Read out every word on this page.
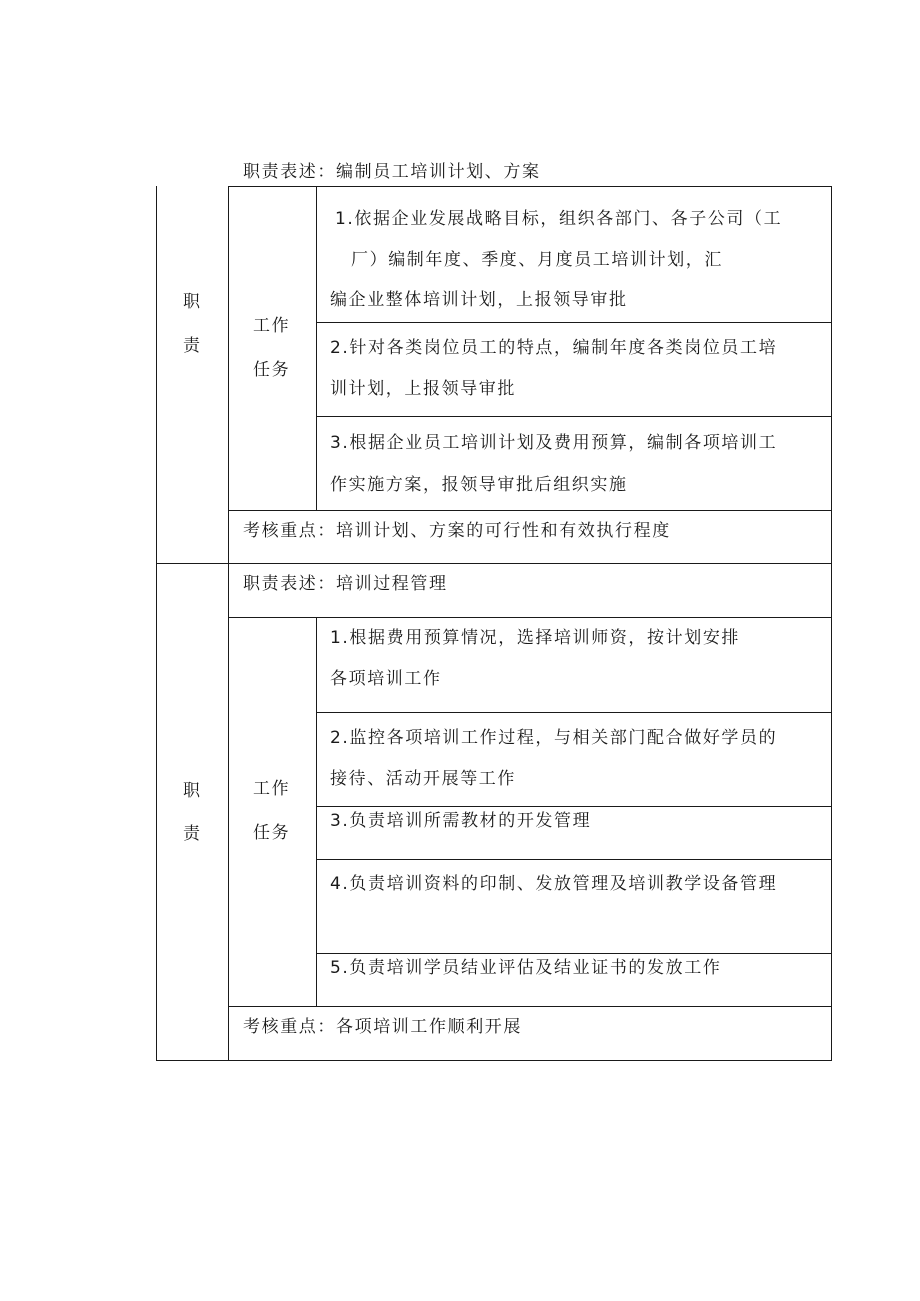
职责表述：编制员工培训计划、方案
职
责
工作
任务
1.依据企业发展战略目标，组织各部门、各子公司（工
厂）编制年度、季度、月度员工培训计划，汇
编企业整体培训计划，上报领导审批
2.针对各类岗位员工的特点，编制年度各类岗位员工培
训计划，上报领导审批
3.根据企业员工培训计划及费用预算，编制各项培训工
作实施方案，报领导审批后组织实施
考核重点：培训计划、方案的可行性和有效执行程度
职责表述：培训过程管理
职
责
工作
任务
1.根据费用预算情况，选择培训师资，按计划安排
各项培训工作
2.监控各项培训工作过程，与相关部门配合做好学员的
接待、活动开展等工作
3.负责培训所需教材的开发管理
4.负责培训资料的印制、发放管理及培训教学设备管理
5.负责培训学员结业评估及结业证书的发放工作
考核重点：各项培训工作顺利开展
